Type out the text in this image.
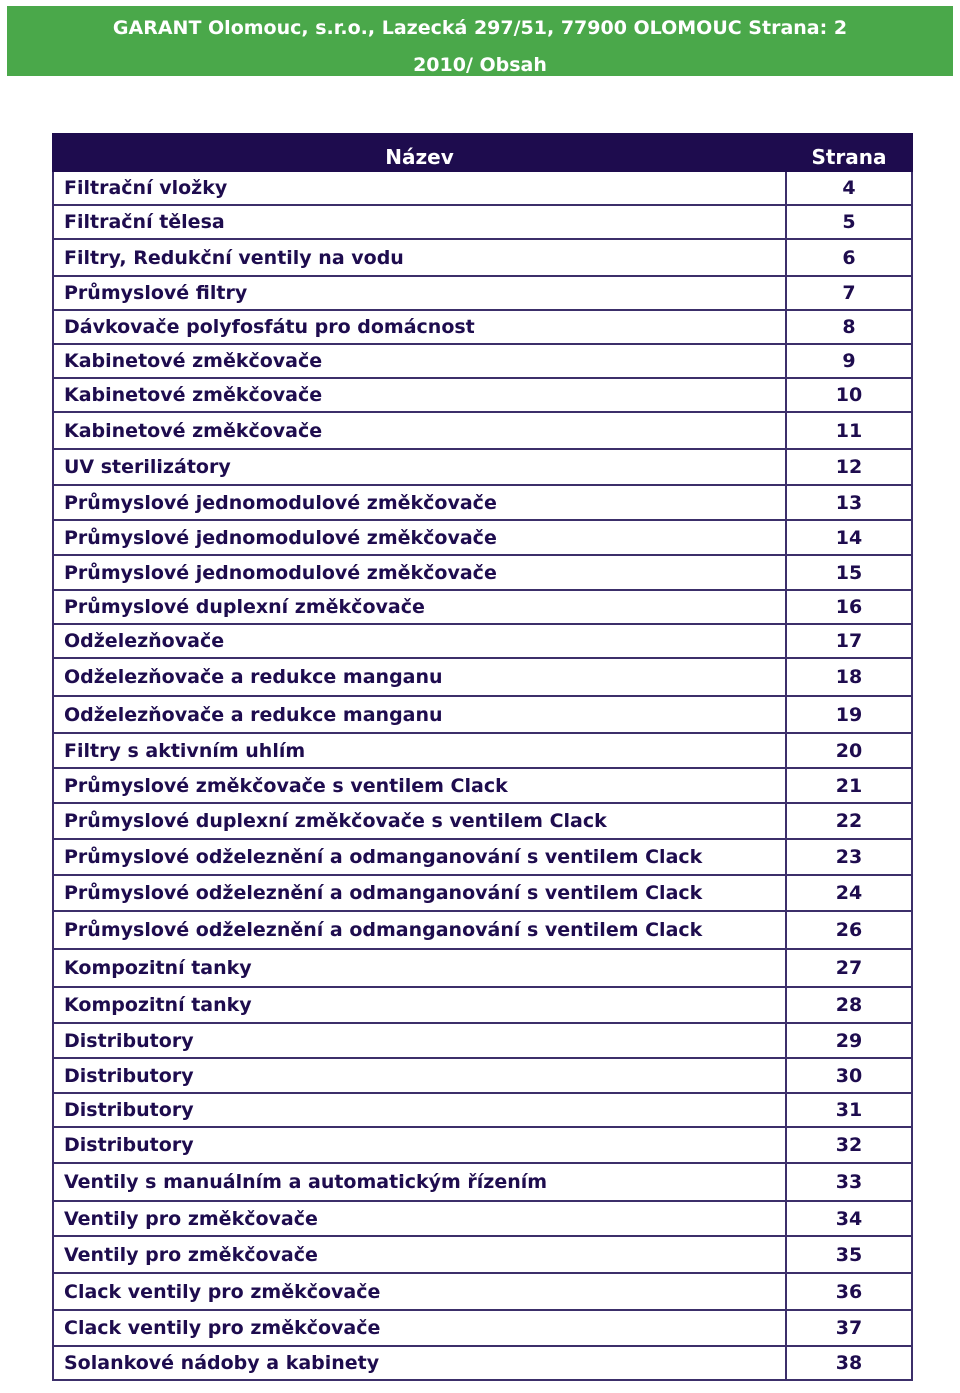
GARANT Olomouc, s.r.o., Lazecká 297/51, 77900 OLOMOUC Strana: 2
2010/ Obsah
Název	Strana
Filtrační vložky	4
Filtrační tělesa	5
Filtry, Redukční ventily na vodu	6
Průmyslové filtry	7
Dávkovače polyfosfátu pro domácnost	8
Kabinetové změkčovače	9
Kabinetové změkčovače	10
Kabinetové změkčovače	11
UV sterilizátory	12
Průmyslové jednomodulové změkčovače	13
Průmyslové jednomodulové změkčovače	14
Průmyslové jednomodulové změkčovače	15
Průmyslové duplexní změkčovače	16
Odželezňovače	17
Odželezňovače a redukce manganu	18
Odželezňovače a redukce manganu	19
Filtry s aktivním uhlím	20
Průmyslové změkčovače s ventilem Clack	21
Průmyslové duplexní změkčovače s ventilem Clack	22
Průmyslové odželeznění a odmanganování s ventilem Clack	23
Průmyslové odželeznění a odmanganování s ventilem Clack	24
Průmyslové odželeznění a odmanganování s ventilem Clack	26
Kompozitní tanky	27
Kompozitní tanky	28
Distributory	29
Distributory	30
Distributory	31
Distributory	32
Ventily s manuálním a automatickým řízením	33
Ventily pro změkčovače	34
Ventily pro změkčovače	35
Clack ventily pro změkčovače	36
Clack ventily pro změkčovače	37
Solankové nádoby a kabinety	38
